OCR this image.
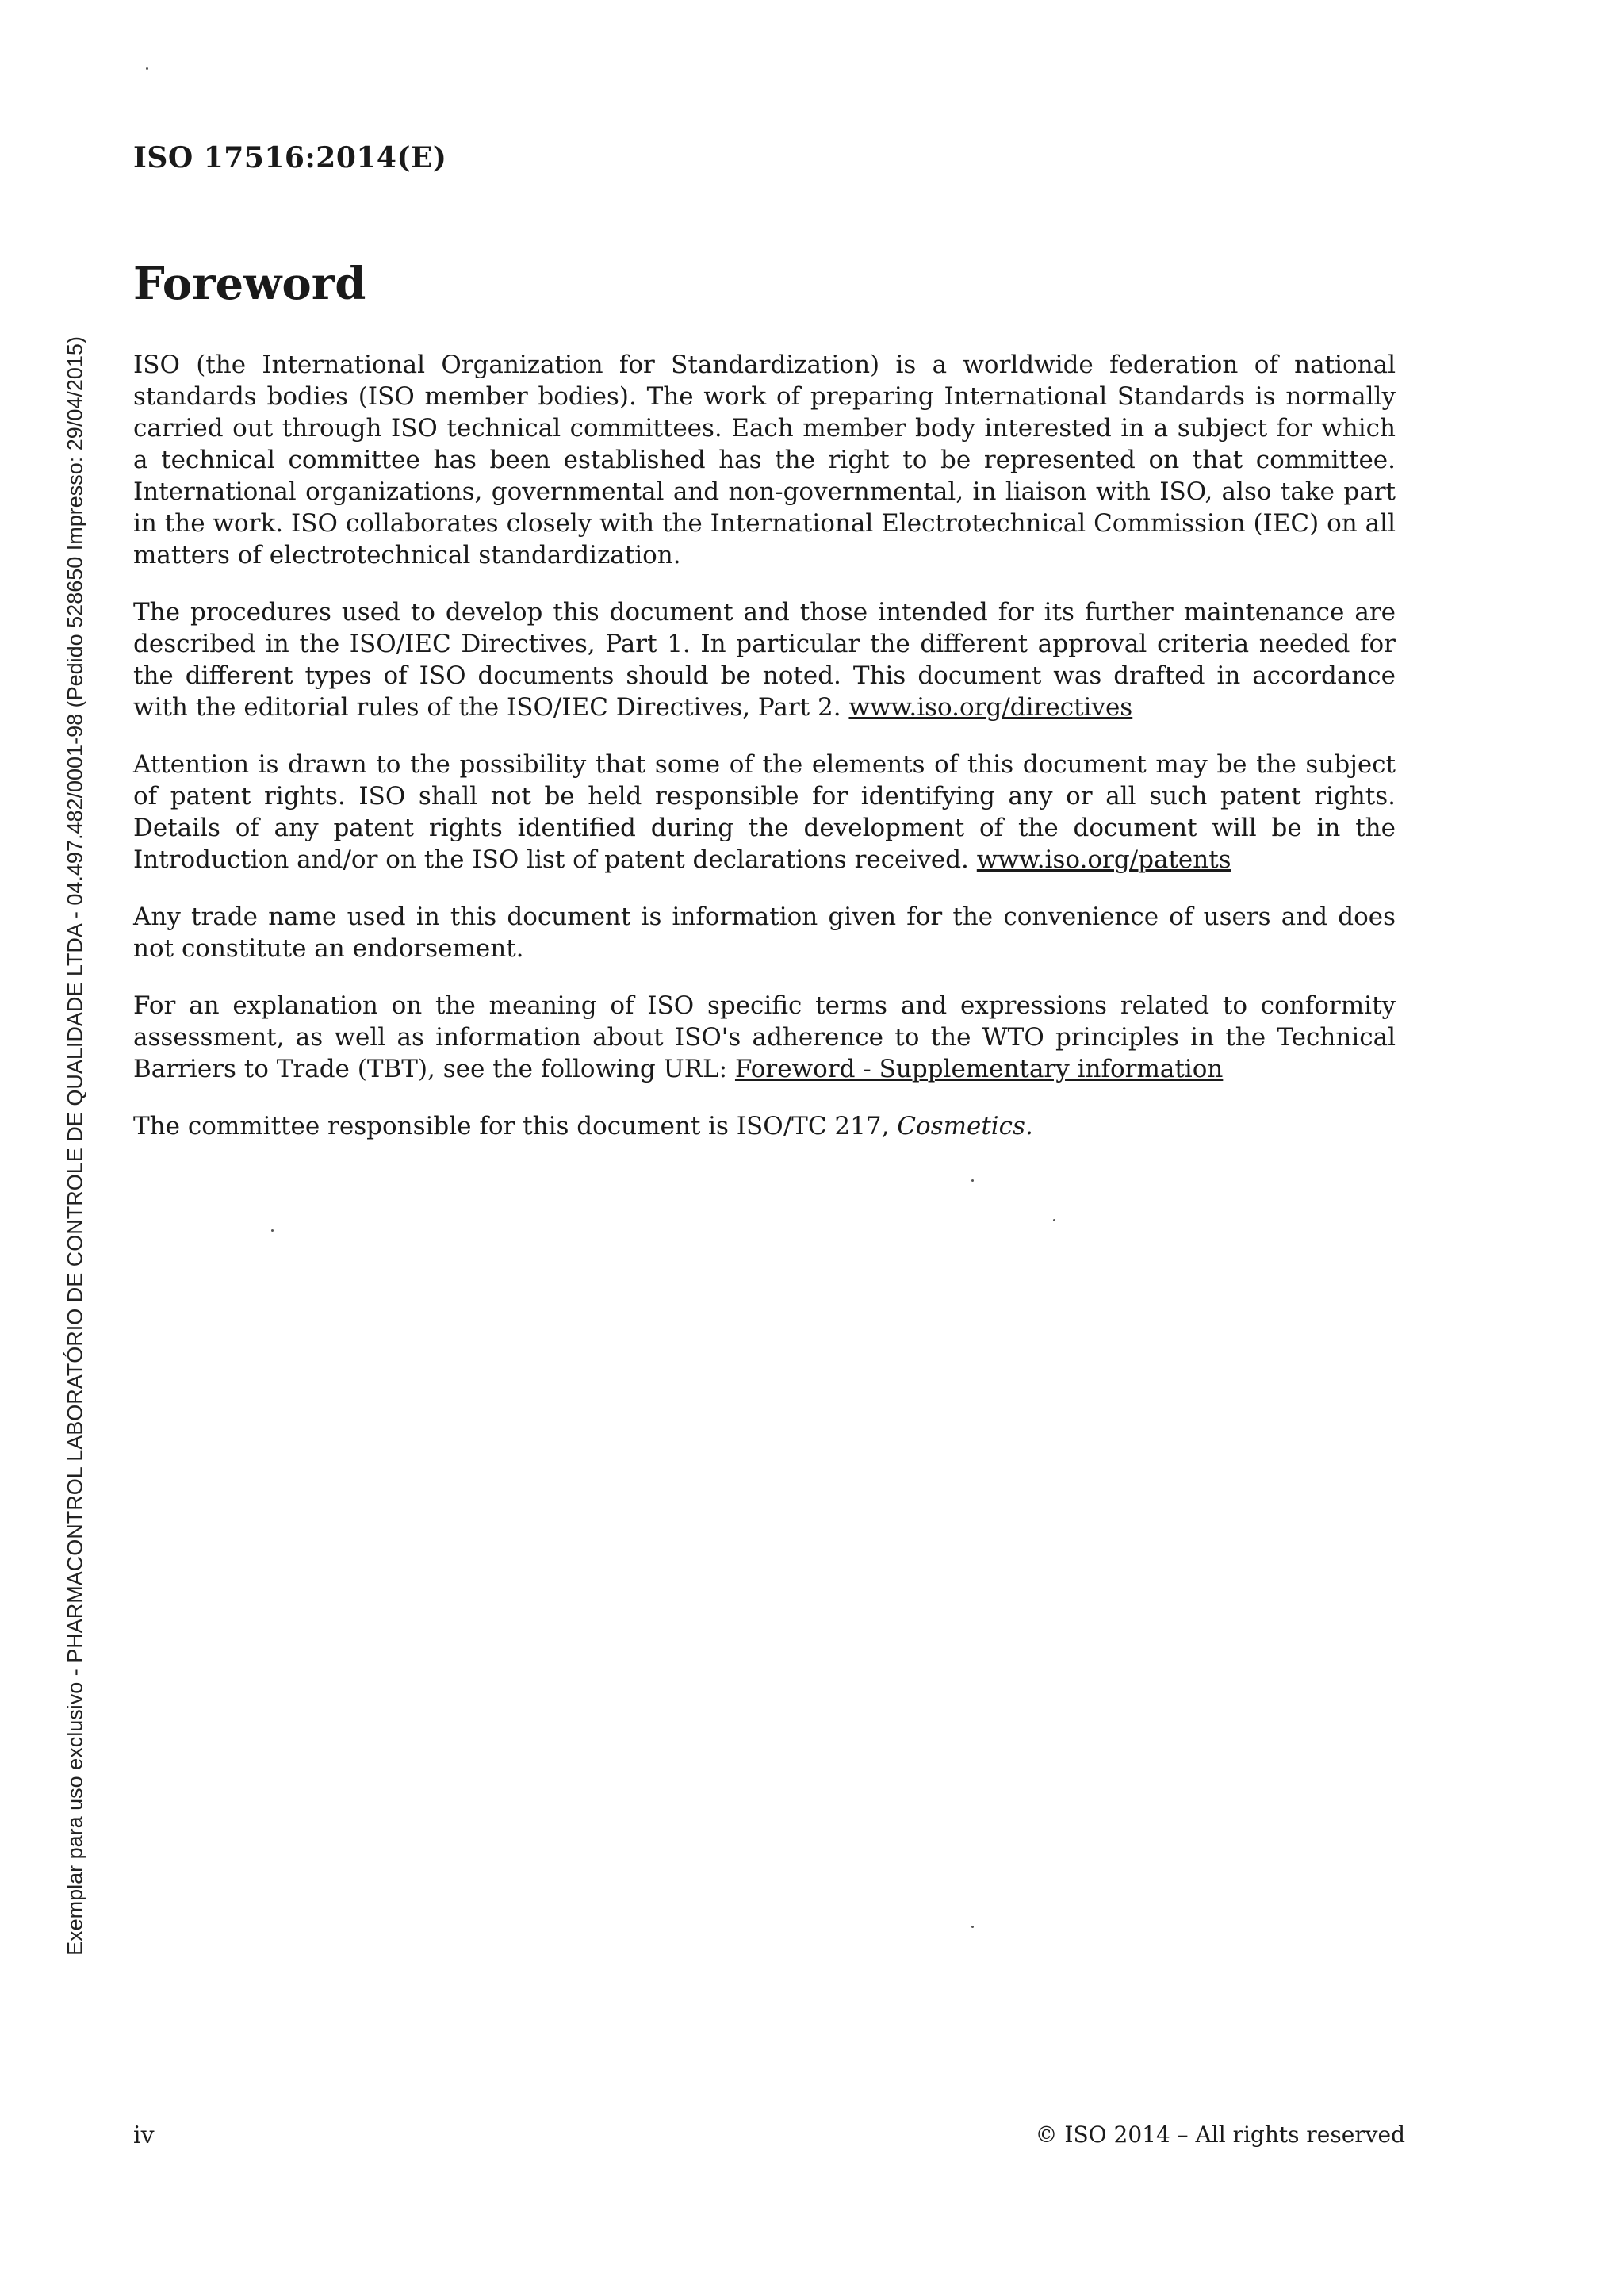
Exemplar para uso exclusivo - PHARMACONTROL LABORATÓRIO DE CONTROLE DE QUALIDADE LTDA - 04.497.482/0001-98 (Pedido 528650 Impresso: 29/04/2015)
ISO 17516:2014(E)
Foreword

ISO (the International Organization for Standardization) is a worldwide federation of national standards bodies (ISO member bodies). The work of preparing International Standards is normally carried out through ISO technical committees. Each member body interested in a subject for which a technical committee has been established has the right to be represented on that committee. International organizations, governmental and non-governmental, in liaison with ISO, also take part in the work. ISO collaborates closely with the International Electrotechnical Commission (IEC) on all matters of electrotechnical standardization.

The procedures used to develop this document and those intended for its further maintenance are described in the ISO/IEC Directives, Part 1. In particular the different approval criteria needed for the different types of ISO documents should be noted. This document was drafted in accordance with the editorial rules of the ISO/IEC Directives, Part 2. www.iso.org/directives

Attention is drawn to the possibility that some of the elements of this document may be the subject of patent rights. ISO shall not be held responsible for identifying any or all such patent rights. Details of any patent rights identified during the development of the document will be in the Introduction and/or on the ISO list of patent declarations received. www.iso.org/patents

Any trade name used in this document is information given for the convenience of users and does not constitute an endorsement.

For an explanation on the meaning of ISO specific terms and expressions related to conformity assessment, as well as information about ISO's adherence to the WTO principles in the Technical Barriers to Trade (TBT), see the following URL: Foreword - Supplementary information

The committee responsible for this document is ISO/TC 217, Cosmetics.

iv	© ISO 2014 – All rights reserved
